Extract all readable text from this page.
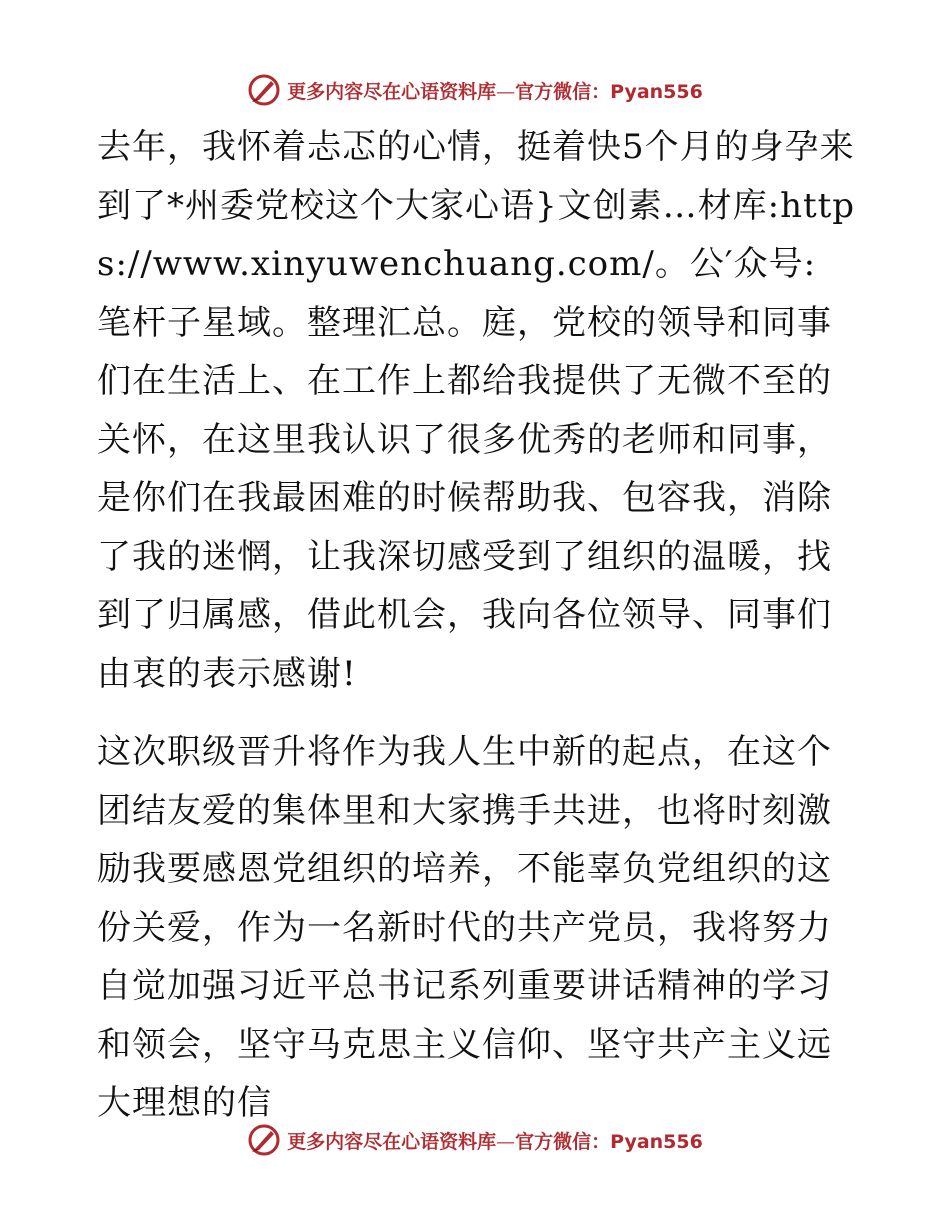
更多内容尽在心语资料库—官方微信：Pyan556

去年，我怀着忐忑的心情，挺着快5个月的身孕来到了*州委党校这个大家心语}文创素…材库:https://www.xinyuwenchuang.com/。公′众号: 笔杆子星域。整理汇总。庭，党校的领导和同事们在生活上、在工作上都给我提供了无微不至的关怀，在这里我认识了很多优秀的老师和同事，是你们在我最困难的时候帮助我、包容我，消除了我的迷惘，让我深切感受到了组织的温暖，找到了归属感，借此机会，我向各位领导、同事们由衷的表示感谢!

这次职级晋升将作为我人生中新的起点，在这个团结友爱的集体里和大家携手共进，也将时刻激励我要感恩党组织的培养，不能辜负党组织的这份关爱，作为一名新时代的共产党员，我将努力自觉加强习近平总书记系列重要讲话精神的学习和领会，坚守马克思主义信仰、坚守共产主义远大理想的信

更多内容尽在心语资料库—官方微信：Pyan556
